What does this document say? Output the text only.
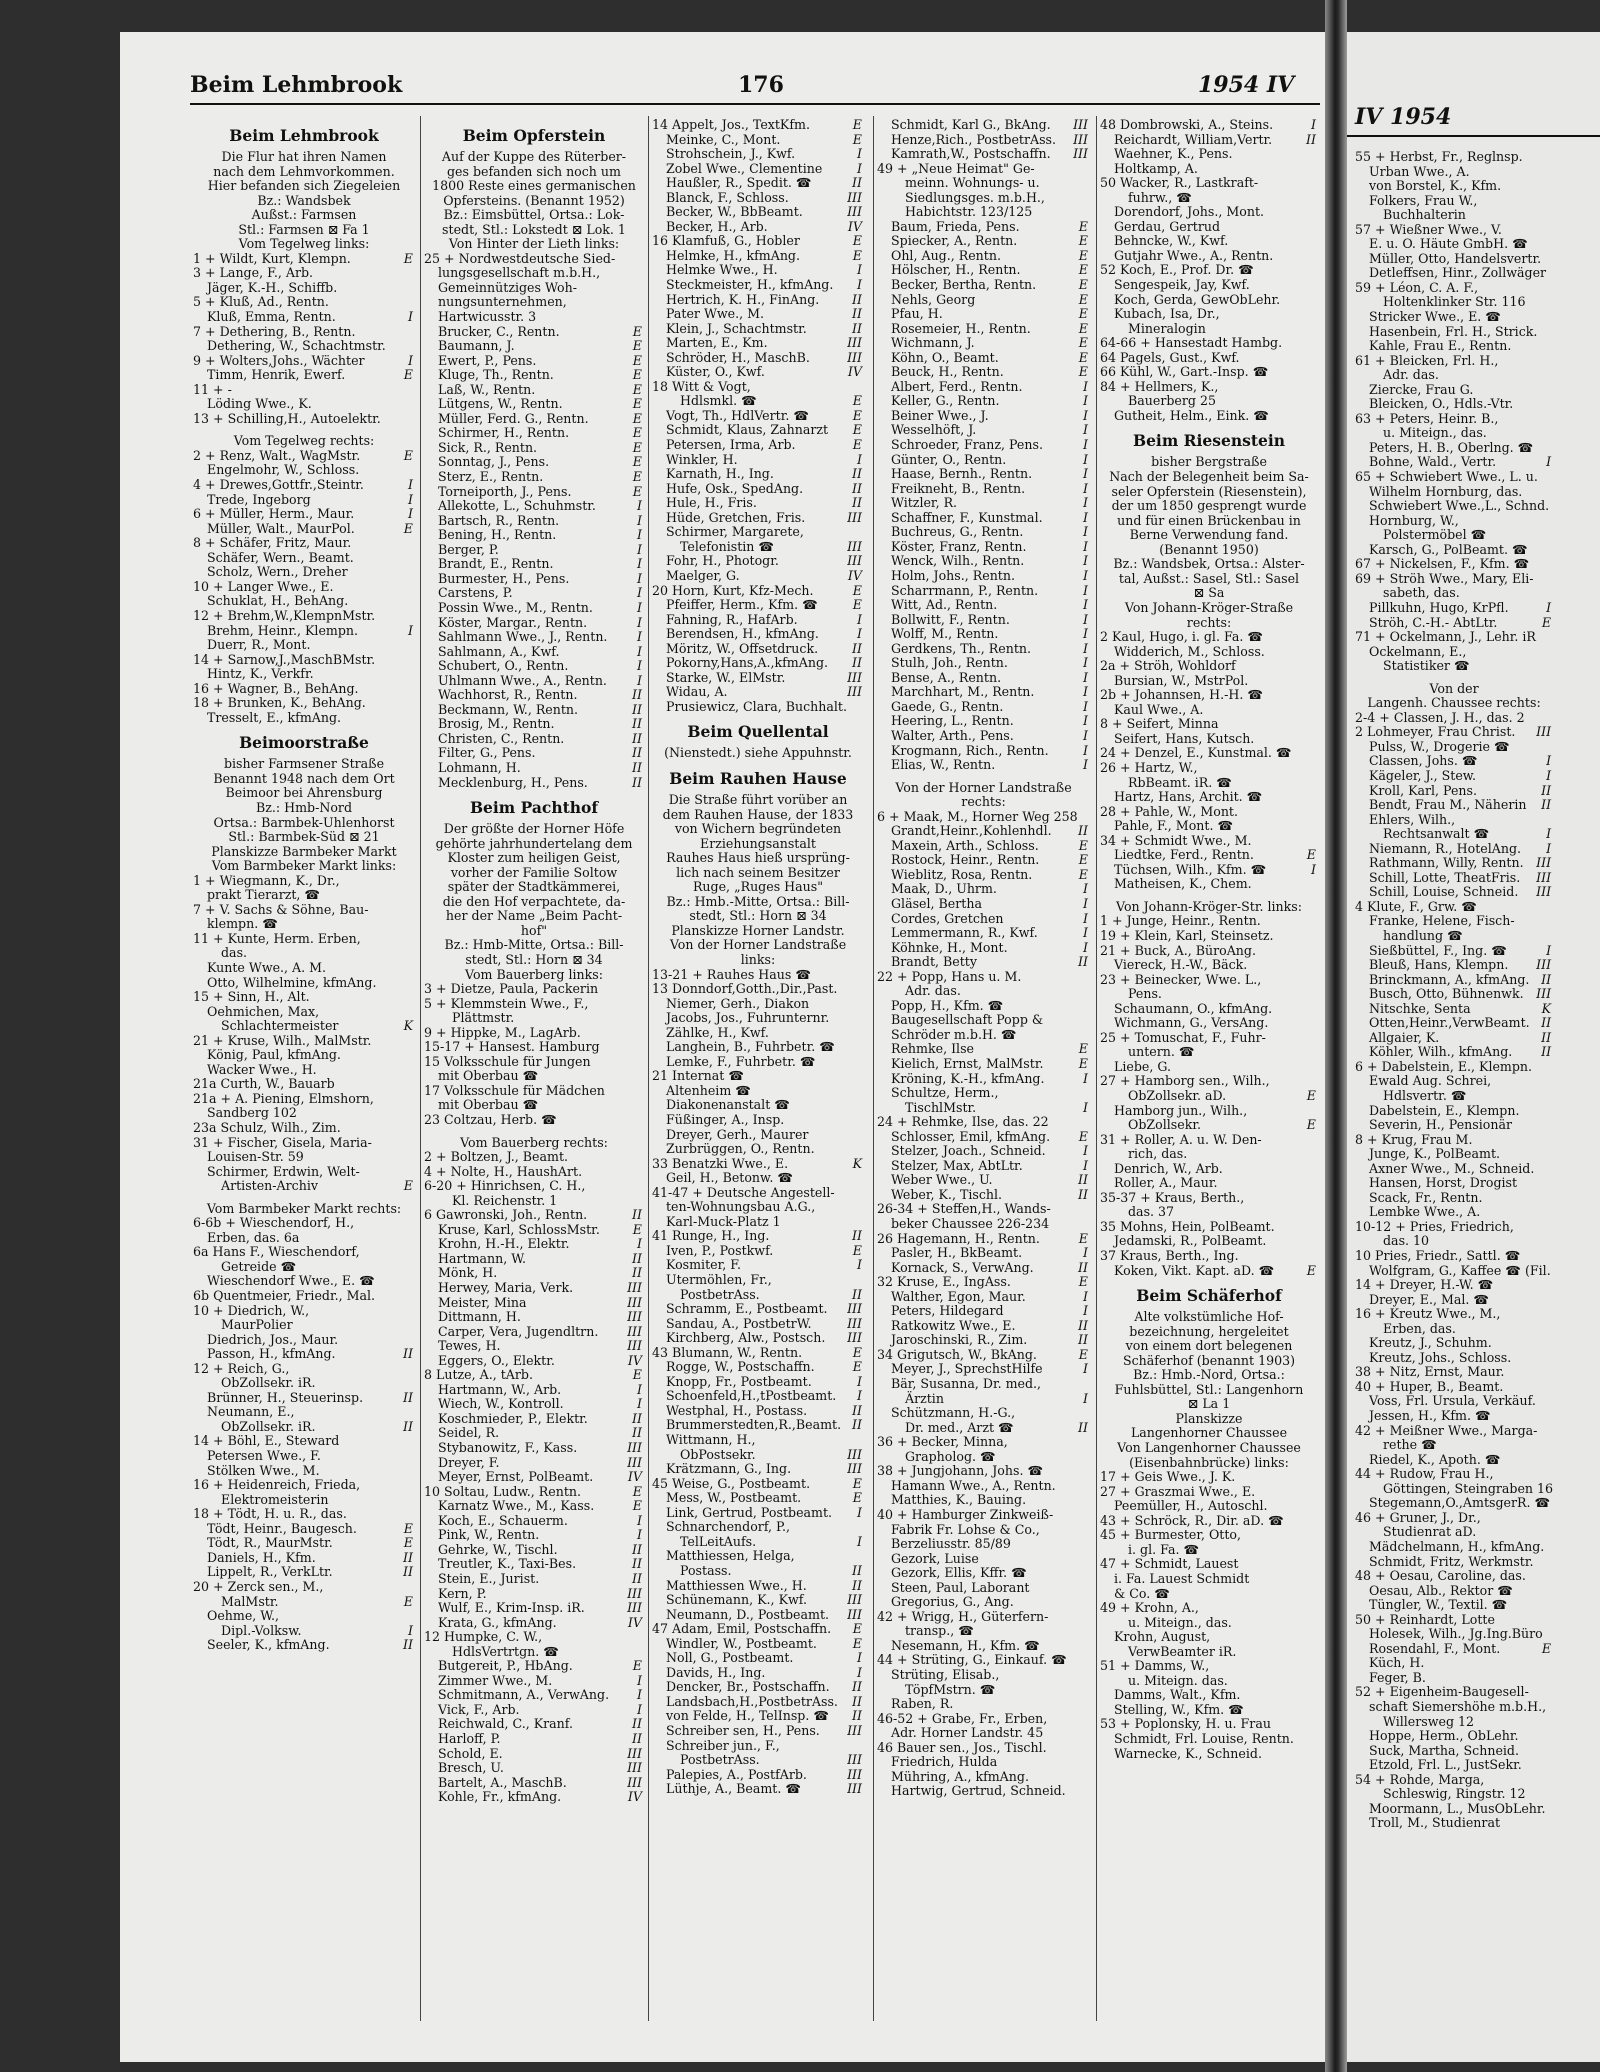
IV 1954
55 + Herbst, Fr., Reglnsp.
Urban Wwe., A.
von Borstel, K., Kfm.
Folkers, Frau W.,
Buchhalterin
57 + Wießner Wwe., V.
E. u. O. Häute GmbH. ☎
Müller, Otto, Handelsvertr.
Detleffsen, Hinr., Zollwäger
59 + Léon, C. A. F.,
Holtenklinker Str. 116
Stricker Wwe., E. ☎
Hasenbein, Frl. H., Strick.
Kahle, Frau E., Rentn.
61 + Bleicken, Frl. H.,
Adr. das.
Ziercke, Frau G.
Bleicken, O., Hdls.-Vtr.
63 + Peters, Heinr. B.,
u. Miteign., das.
Peters, H. B., Oberlng. ☎
Bohne, Wald., Vertr.	I
65 + Schwiebert Wwe., L. u.
Wilhelm Hornburg, das.
Schwiebert Wwe.,L., Schnd.
Hornburg, W.,
Polstermöbel ☎
Karsch, G., PolBeamt. ☎
67 + Nickelsen, F., Kfm. ☎
69 + Ströh Wwe., Mary, Eli-
sabeth, das.
Pillkuhn, Hugo, KrPfl.	I
Ströh, C.-H.- AbtLtr.	E
71 + Ockelmann, J., Lehr. iR
Ockelmann, E.,
Statistiker ☎
Von der
Langenh. Chaussee rechts:
2-4 + Classen, J. H., das. 2
2 Lohmeyer, Frau Christ. III
Pulss, W., Drogerie ☎
Classen, Johs. ☎	I
Kägeler, J., Stew.	I
Kroll, Karl, Pens.	II
Bendt, Frau M., Näherin II
Ehlers, Wilh.,
Rechtsanwalt ☎	I
Niemann, R., HotelAng. I
Rathmann, Willy, Rentn. III
Schill, Lotte, TheatFris. III
Schill, Louise, Schneid. III
4 Klute, F., Grw. ☎
Franke, Helene, Fisch-
handlung ☎
Sießbüttel, F., Ing. ☎	I
Bleuß, Hans, Klempn. III
Brinckmann, A., kfmAng. II
Busch, Otto, Bühnenwk. III
Nitschke, Senta	K
Otten,Heinr.,VerwBeamt. II
Allgaier, K.	II
Köhler, Wilh., kfmAng. II
6 + Dabelstein, E., Klempn.
Ewald Aug. Schrei,
Hdlsvertr. ☎
Dabelstein, E., Klempn.
Severin, H., Pensionär
8 + Krug, Frau M.
Junge, K., PolBeamt.
Axner Wwe., M., Schneid.
Hansen, Horst, Drogist
Scack, Fr., Rentn.
Lembke Wwe., A.
10-12 + Pries, Friedrich,
das. 10
10 Pries, Friedr., Sattl. ☎
Wolfgram, G., Kaffee ☎ (Fil.
14 + Dreyer, H.-W. ☎
Dreyer, E., Mal. ☎
16 + Kreutz Wwe., M.,
Erben, das.
Kreutz, J., Schuhm.
Kreutz, Johs., Schloss.
38 + Nitz, Ernst, Maur.
40 + Huper, B., Beamt.
Voss, Frl. Ursula, Verkäuf.
Jessen, H., Kfm. ☎
42 + Meißner Wwe., Marga-
rethe ☎
Riedel, K., Apoth. ☎
44 + Rudow, Frau H.,
Göttingen, Steingraben 16
Stegemann,O.,AmtsgerR. ☎
46 + Gruner, J., Dr.,
Studienrat aD.
Mädchelmann, H., kfmAng.
Schmidt, Fritz, Werkmstr.
48 + Oesau, Caroline, das.
Oesau, Alb., Rektor ☎
Tüngler, W., Textil. ☎
50 + Reinhardt, Lotte
Holesek, Wilh., Jg.Ing.Büro
Rosendahl, F., Mont.	E
Küch, H.
Feger, B.
52 + Eigenheim-Baugesell-
schaft Siemershöhe m.b.H.,
Willersweg 12
Hoppe, Herm., ObLehr.
Suck, Martha, Schneid.
Etzold, Frl. L., JustSekr.
54 + Rohde, Marga,
Schleswig, Ringstr. 12
Moormann, L., MusObLehr.
Troll, M., Studienrat
Beim Lehmbrook	176	1954 IV
Beim Lehmbrook
Die Flur hat ihren Namen
nach dem Lehmvorkommen.
Hier befanden sich Ziegeleien
Bz.: Wandsbek
Außst.: Farmsen
Stl.: Farmsen ⊠ Fa 1
Vom Tegelweg links:
1 + Wildt, Kurt, Klempn.	E
3 + Lange, F., Arb.
Jäger, K.-H., Schiffb.
5 + Kluß, Ad., Rentn.
Kluß, Emma, Rentn.	I
7 + Dethering, B., Rentn.
Dethering, W., Schachtmstr.
9 + Wolters,Johs., Wächter	I
Timm, Henrik, Ewerf.	E
11 + -
Löding Wwe., K.
13 + Schilling,H., Autoelektr.
Vom Tegelweg rechts:
2 + Renz, Walt., WagMstr.	E
Engelmohr, W., Schloss.
4 + Drewes,Gottfr.,Steintr.	I
Trede, Ingeborg	I
6 + Müller, Herm., Maur.	I
Müller, Walt., MaurPol.	E
8 + Schäfer, Fritz, Maur.
Schäfer, Wern., Beamt.
Scholz, Wern., Dreher
10 + Langer Wwe., E.
Schuklat, H., BehAng.
12 + Brehm,W.,KlempnMstr.
Brehm, Heinr., Klempn.	I
Duerr, R., Mont.
14 + Sarnow,J.,MaschBMstr.
Hintz, K., Verkfr.
16 + Wagner, B., BehAng.
18 + Brunken, K., BehAng.
Tresselt, E., kfmAng.
Beimoorstraße
bisher Farmsener Straße
Benannt 1948 nach dem Ort
Beimoor bei Ahrensburg
Bz.: Hmb-Nord
Ortsa.: Barmbek-Uhlenhorst
Stl.: Barmbek-Süd ⊠ 21
Planskizze Barmbeker Markt
Vom Barmbeker Markt links:
1 + Wiegmann, K., Dr.,
prakt Tierarzt, ☎
7 + V. Sachs & Söhne, Bau-
klempn. ☎
11 + Kunte, Herm. Erben,
das.
Kunte Wwe., A. M.
Otto, Wilhelmine, kfmAng.
15 + Sinn, H., Alt.
Oehmichen, Max,
Schlachtermeister	K
21 + Kruse, Wilh., MalMstr.
König, Paul, kfmAng.
Wacker Wwe., H.
21a Curth, W., Bauarb
21a + A. Piening, Elmshorn,
Sandberg 102
23a Schulz, Wilh., Zim.
31 + Fischer, Gisela, Maria-
Louisen-Str. 59
Schirmer, Erdwin, Welt-
Artisten-Archiv	E
Vom Barmbeker Markt rechts:
6-6b + Wieschendorf, H.,
Erben, das. 6a
6a Hans F., Wieschendorf,
Getreide ☎
Wieschendorf Wwe., E. ☎
6b Quentmeier, Friedr., Mal.
10 + Diedrich, W.,
MaurPolier
Diedrich, Jos., Maur.
Passon, H., kfmAng.	II
12 + Reich, G.,
ObZollsekr. iR.
Brünner, H., Steuerinsp.	II
Neumann, E.,
ObZollsekr. iR.	II
14 + Böhl, E., Steward
Petersen Wwe., F.
Stölken Wwe., M.
16 + Heidenreich, Frieda,
Elektromeisterin
18 + Tödt, H. u. R., das.
Tödt, Heinr., Baugesch.	E
Tödt, R., MaurMstr.	E
Daniels, H., Kfm.	II
Lippelt, R., VerkLtr.	II
20 + Zerck sen., M.,
MalMstr.	E
Oehme, W.,
Dipl.-Volksw.	I
Seeler, K., kfmAng.	II
Beim Opferstein
Auf der Kuppe des Rüterber-
ges befanden sich noch um
1800 Reste eines germanischen
Opfersteins. (Benannt 1952)
Bz.: Eimsbüttel, Ortsa.: Lok-
stedt, Stl.: Lokstedt ⊠ Lok. 1
Von Hinter der Lieth links:
25 + Nordwestdeutsche Sied-
lungsgesellschaft m.b.H.,
Gemeinnütziges Woh-
nungsunternehmen,
Hartwicusstr. 3
Brucker, C., Rentn.	E
Baumann, J.	E
Ewert, P., Pens.	E
Kluge, Th., Rentn.	E
Laß, W., Rentn.	E
Lütgens, W., Rentn.	E
Müller, Ferd. G., Rentn.	E
Schirmer, H., Rentn.	E
Sick, R., Rentn.	E
Sonntag, J., Pens.	E
Sterz, E., Rentn.	E
Torneiporth, J., Pens.	E
Allekotte, L., Schuhmstr.	I
Bartsch, R., Rentn.	I
Bening, H., Rentn.	I
Berger, P.	I
Brandt, E., Rentn.	I
Burmester, H., Pens.	I
Carstens, P.	I
Possin Wwe., M., Rentn.	I
Köster, Margar., Rentn.	I
Sahlmann Wwe., J., Rentn. I
Sahlmann, A., Kwf.	I
Schubert, O., Rentn.	I
Uhlmann Wwe., A., Rentn. I
Wachhorst, R., Rentn.	II
Beckmann, W., Rentn.	II
Brosig, M., Rentn.	II
Christen, C., Rentn.	II
Filter, G., Pens.	II
Lohmann, H.	II
Mecklenburg, H., Pens.	II
Beim Pachthof
Der größte der Horner Höfe
gehörte jahrhundertelang dem
Kloster zum heiligen Geist,
vorher der Familie Soltow
später der Stadtkämmerei,
die den Hof verpachtete, da-
her der Name „Beim Pacht-
hof"
Bz.: Hmb-Mitte, Ortsa.: Bill-
stedt, Stl.: Horn ⊠ 34
Vom Bauerberg links:
3 + Dietze, Paula, Packerin
5 + Klemmstein Wwe., F.,
Plättmstr.
9 + Hippke, M., LagArb.
15-17 + Hansest. Hamburg
15 Volksschule für Jungen
mit Oberbau ☎
17 Volksschule für Mädchen
mit Oberbau ☎
23 Coltzau, Herb. ☎
Vom Bauerberg rechts:
2 + Boltzen, J., Beamt.
4 + Nolte, H., HaushArt.
6-20 + Hinrichsen, C. H.,
Kl. Reichenstr. 1
6 Gawronski, Joh., Rentn.	II
Kruse, Karl, SchlossMstr.	E
Krohn, H.-H., Elektr.	I
Hartmann, W.	II
Mönk, H.	II
Herwey, Maria, Verk.	III
Meister, Mina	III
Dittmann, H.	III
Carper, Vera, Jugendltrn. III
Tewes, H.	III
Eggers, O., Elektr.	IV
8 Lutze, A., tArb.	E
Hartmann, W., Arb.	I
Wiech, W., Kontroll.	I
Koschmieder, P., Elektr.	II
Seidel, R.	II
Stybanowitz, F., Kass.	III
Dreyer, F.	III
Meyer, Ernst, PolBeamt.	IV
10 Soltau, Ludw., Rentn.	E
Karnatz Wwe., M., Kass.	E
Koch, E., Schauerm.	I
Pink, W., Rentn.	I
Gehrke, W., Tischl.	II
Treutler, K., Taxi-Bes.	II
Stein, E., Jurist.	II
Kern, P.	III
Wulf, E., Krim-Insp. iR.	III
Krata, G., kfmAng.	IV
12 Humpke, C. W.,
HdlsVertrtgn. ☎
Butgereit, P., HbAng.	E
Zimmer Wwe., M.	I
Schmitmann, A., VerwAng. I
Vick, F., Arb.	I
Reichwald, C., Kranf.	II
Harloff, P.	II
Schold, E.	III
Bresch, U.	III
Bartelt, A., MaschB.	III
Kohle, Fr., kfmAng.	IV
14 Appelt, Jos., TextKfm.	E
Meinke, C., Mont.	E
Strohschein, J., Kwf.	I
Zobel Wwe., Clementine	I
Haußler, R., Spedit. ☎	II
Blanck, F., Schloss.	III
Becker, W., BbBeamt.	III
Becker, H., Arb.	IV
16 Klamfuß, G., Hobler	E
Helmke, H., kfmAng.	E
Helmke Wwe., H.	I
Steckmeister, H., kfmAng. I
Hertrich, K. H., FinAng.	II
Pater Wwe., M.	II
Klein, J., Schachtmstr.	II
Marten, E., Km.	III
Schröder, H., MaschB.	III
Küster, O., Kwf.	IV
18 Witt & Vogt,
Hdlsmkl. ☎	E
Vogt, Th., HdlVertr. ☎	E
Schmidt, Klaus, Zahnarzt E
Petersen, Irma, Arb.	E
Winkler, H.	I
Karnath, H., Ing.	II
Hufe, Osk., SpedAng.	II
Hule, H., Fris.	II
Hüde, Gretchen, Fris.	III
Schirmer, Margarete,
Telefonistin ☎	III
Fohr, H., Photogr.	III
Maelger, G.	IV
20 Horn, Kurt, Kfz-Mech.	E
Pfeiffer, Herm., Kfm. ☎	E
Fahning, R., HafArb.	I
Berendsen, H., kfmAng.	I
Möritz, W., Offsetdruck.	II
Pokorny,Hans,A.,kfmAng. II
Starke, W., ElMstr.	III
Widau, A.	III
Prusiewicz, Clara, Buchhalt.
Beim Quellental
(Nienstedt.) siehe Appuhnstr.
Beim Rauhen Hause
Die Straße führt vorüber an
dem Rauhen Hause, der 1833
von Wichern begründeten
Erziehungsanstalt
Rauhes Haus hieß ursprüng-
lich nach seinem Besitzer
Ruge, „Ruges Haus"
Bz.: Hmb.-Mitte, Ortsa.: Bill-
stedt, Stl.: Horn ⊠ 34
Planskizze Horner Landstr.
Von der Horner Landstraße
links:
13-21 + Rauhes Haus ☎
13 Donndorf,Gotth.,Dir.,Past.
Niemer, Gerh., Diakon
Jacobs, Jos., Fuhrunternr.
Zählke, H., Kwf.
Langhein, B., Fuhrbetr. ☎
Lemke, F., Fuhrbetr. ☎
21 Internat ☎
Altenheim ☎
Diakonenanstalt ☎
Füßinger, A., Insp.
Dreyer, Gerh., Maurer
Zurbrüggen, O., Rentn.
33 Benatzki Wwe., E.	K
Geil, H., Betonw. ☎
41-47 + Deutsche Angestell-
ten-Wohnungsbau A.G.,
Karl-Muck-Platz 1
41 Runge, H., Ing.	II
Iven, P., Postkwf.	E
Kosmiter, F.	I
Utermöhlen, Fr.,
PostbetrAss.	II
Schramm, E., Postbeamt. III
Sandau, A., PostbetrW.	III
Kirchberg, Alw., Postsch. III
43 Blumann, W., Rentn.	E
Rogge, W., Postschaffn.	E
Knopp, Fr., Postbeamt.	I
Schoenfeld,H.,tPostbeamt. I
Westphal, H., Postass.	II
Brummerstedten,R.,Beamt. II
Wittmann, H.,
ObPostsekr.	III
Krätzmann, G., Ing.	III
45 Weise, G., Postbeamt.	E
Mess, W., Postbeamt.	E
Link, Gertrud, Postbeamt. I
Schnarchendorf, P.,
TelLeitAufs.	I
Matthiessen, Helga,
Postass.	II
Matthiessen Wwe., H.	II
Schünemann, K., Kwf.	III
Neumann, D., Postbeamt. III
47 Adam, Emil, Postschaffn. E
Windler, W., Postbeamt.	E
Noll, G., Postbeamt.	I
Davids, H., Ing.	I
Dencker, Br., Postschaffn. II
Landsbach,H.,PostbetrAss. II
von Felde, H., TelInsp. ☎ II
Schreiber sen, H., Pens. III
Schreiber jun., F.,
PostbetrAss.	III
Palepies, A., PostfArb.	III
Lüthje, A., Beamt. ☎	III
Schmidt, Karl G., BkAng. III
Henze,Rich., PostbetrAss. III
Kamrath,W., Postschaffn. III
49 + „Neue Heimat" Ge-
meinn. Wohnungs- u.
Siedlungsges. m.b.H.,
Habichtstr. 123/125
Baum, Frieda, Pens.	E
Spiecker, A., Rentn.	E
Ohl, Aug., Rentn.	E
Hölscher, H., Rentn.	E
Becker, Bertha, Rentn.	E
Nehls, Georg	E
Pfau, H.	E
Rosemeier, H., Rentn.	E
Wichmann, J.	E
Köhn, O., Beamt.	E
Beuck, H., Rentn.	E
Albert, Ferd., Rentn.	I
Keller, G., Rentn.	I
Beiner Wwe., J.	I
Wesselhöft, J.	I
Schroeder, Franz, Pens.	I
Günter, O., Rentn.	I
Haase, Bernh., Rentn.	I
Freikneht, B., Rentn.	I
Witzler, R.	I
Schaffner, F., Kunstmal.	I
Buchreus, G., Rentn.	I
Köster, Franz, Rentn.	I
Wenck, Wilh., Rentn.	I
Holm, Johs., Rentn.	I
Scharrmann, P., Rentn.	I
Witt, Ad., Rentn.	I
Bollwitt, F., Rentn.	I
Wolff, M., Rentn.	I
Gerdkens, Th., Rentn.	I
Stulh, Joh., Rentn.	I
Bense, A., Rentn.	I
Marchhart, M., Rentn.	I
Gaede, G., Rentn.	I
Heering, L., Rentn.	I
Walter, Arth., Pens.	I
Krogmann, Rich., Rentn.	I
Elias, W., Rentn.	I
Von der Horner Landstraße
rechts:
6 + Maak, M., Horner Weg 258
Grandt,Heinr.,Kohlenhdl. II
Maxein, Arth., Schloss.	E
Rostock, Heinr., Rentn.	E
Wieblitz, Rosa, Rentn.	E
Maak, D., Uhrm.	I
Gläsel, Bertha	I
Cordes, Gretchen	I
Lemmermann, R., Kwf.	I
Köhnke, H., Mont.	I
Brandt, Betty	II
22 + Popp, Hans u. M.
Adr. das.
Popp, H., Kfm. ☎
Baugesellschaft Popp &
Schröder m.b.H. ☎
Rehmke, Ilse	E
Kielich, Ernst, MalMstr.	E
Kröning, K.-H., kfmAng.	I
Schultze, Herm.,
TischlMstr.	I
24 + Rehmke, Ilse, das. 22
Schlosser, Emil, kfmAng. E
Stelzer, Joach., Schneid.	I
Stelzer, Max, AbtLtr.	I
Weber Wwe., U.	II
Weber, K., Tischl.	II
26-34 + Steffen,H., Wands-
beker Chaussee 226-234
26 Hagemann, H., Rentn.	E
Pasler, H., BkBeamt.	I
Kornack, S., VerwAng.	II
32 Kruse, E., IngAss.	E
Walther, Egon, Maur.	I
Peters, Hildegard	I
Ratkowitz Wwe., E.	II
Jaroschinski, R., Zim.	II
34 Grigutsch, W., BkAng.	E
Meyer, J., SprechstHilfe	I
Bär, Susanna, Dr. med.,
Ärztin	I
Schützmann, H.-G.,
Dr. med., Arzt ☎	II
36 + Becker, Minna,
Grapholog. ☎
38 + Jungjohann, Johs. ☎
Hamann Wwe., A., Rentn.
Matthies, K., Bauing.
40 + Hamburger Zinkweiß-
Fabrik Fr. Lohse & Co.,
Berzeliusstr. 85/89
Gezork, Luise
Gezork, Ellis, Kffr. ☎
Steen, Paul, Laborant
Gregorius, G., Ang.
42 + Wrigg, H., Güterfern-
transp., ☎
Nesemann, H., Kfm. ☎
44 + Strüting, G., Einkauf. ☎
Strüting, Elisab.,
TöpfMstrn. ☎
Raben, R.
46-52 + Grabe, Fr., Erben,
Adr. Horner Landstr. 45
46 Bauer sen., Jos., Tischl.
Friedrich, Hulda
Mühring, A., kfmAng.
Hartwig, Gertrud, Schneid.
48 Dombrowski, A., Steins.	I
Reichardt, William,Vertr.	II
Waehner, K., Pens.
Holtkamp, A.
50 Wacker, R., Lastkraft-
fuhrw., ☎
Dorendorf, Johs., Mont.
Gerdau, Gertrud
Behncke, W., Kwf.
Gutjahr Wwe., A., Rentn.
52 Koch, E., Prof. Dr. ☎
Sengespeik, Jay, Kwf.
Koch, Gerda, GewObLehr.
Kubach, Isa, Dr.,
Mineralogin
64-66 + Hansestadt Hambg.
64 Pagels, Gust., Kwf.
66 Kühl, W., Gart.-Insp. ☎
84 + Hellmers, K.,
Bauerberg 25
Gutheit, Helm., Eink. ☎
Beim Riesenstein
bisher Bergstraße
Nach der Belegenheit beim Sa-
seler Opferstein (Riesenstein),
der um 1850 gesprengt wurde
und für einen Brückenbau in
Berne Verwendung fand.
(Benannt 1950)
Bz.: Wandsbek, Ortsa.: Alster-
tal, Außst.: Sasel, Stl.: Sasel
⊠ Sa
Von Johann-Kröger-Straße
rechts:
2 Kaul, Hugo, i. gl. Fa. ☎
Widderich, M., Schloss.
2a + Ströh, Wohldorf
Bursian, W., MstrPol.
2b + Johannsen, H.-H. ☎
Kaul Wwe., A.
8 + Seifert, Minna
Seifert, Hans, Kutsch.
24 + Denzel, E., Kunstmal. ☎
26 + Hartz, W.,
RbBeamt. iR. ☎
Hartz, Hans, Archit. ☎
28 + Pahle, W., Mont.
Pahle, F., Mont. ☎
34 + Schmidt Wwe., M.
Liedtke, Ferd., Rentn.	E
Tüchsen, Wilh., Kfm. ☎	I
Matheisen, K., Chem.
Von Johann-Kröger-Str. links:
1 + Junge, Heinr., Rentn.
19 + Klein, Karl, Steinsetz.
21 + Buck, A., BüroAng.
Viereck, H.-W., Bäck.
23 + Beinecker, Wwe. L.,
Pens.
Schaumann, O., kfmAng.
Wichmann, G., VersAng.
25 + Tomuschat, F., Fuhr-
untern. ☎
Liebe, G.
27 + Hamborg sen., Wilh.,
ObZollsekr. aD.	E
Hamborg jun., Wilh.,
ObZollsekr.	E
31 + Roller, A. u. W. Den-
rich, das.
Denrich, W., Arb.
Roller, A., Maur.
35-37 + Kraus, Berth.,
das. 37
35 Mohns, Hein, PolBeamt.
Jedamski, R., PolBeamt.
37 Kraus, Berth., Ing.
Koken, Vikt. Kapt. aD. ☎	E
Beim Schäferhof
Alte volkstümliche Hof-
bezeichnung, hergeleitet
von einem dort belegenen
Schäferhof (benannt 1903)
Bz.: Hmb.-Nord, Ortsa.:
Fuhlsbüttel, Stl.: Langenhorn
⊠ La 1
Planskizze
Langenhorner Chaussee
Von Langenhorner Chaussee
(Eisenbahnbrücke) links:
17 + Geis Wwe., J. K.
27 + Graszmai Wwe., E.
Peemüller, H., Autoschl.
43 + Schröck, R., Dir. aD. ☎
45 + Burmester, Otto,
i. gl. Fa. ☎
47 + Schmidt, Lauest
i. Fa. Lauest Schmidt
& Co. ☎
49 + Krohn, A.,
u. Miteign., das.
Krohn, August,
VerwBeamter iR.
51 + Damms, W.,
u. Miteign. das.
Damms, Walt., Kfm.
Stelling, W., Kfm. ☎
53 + Poplonsky, H. u. Frau
Schmidt, Frl. Louise, Rentn.
Warnecke, K., Schneid.
